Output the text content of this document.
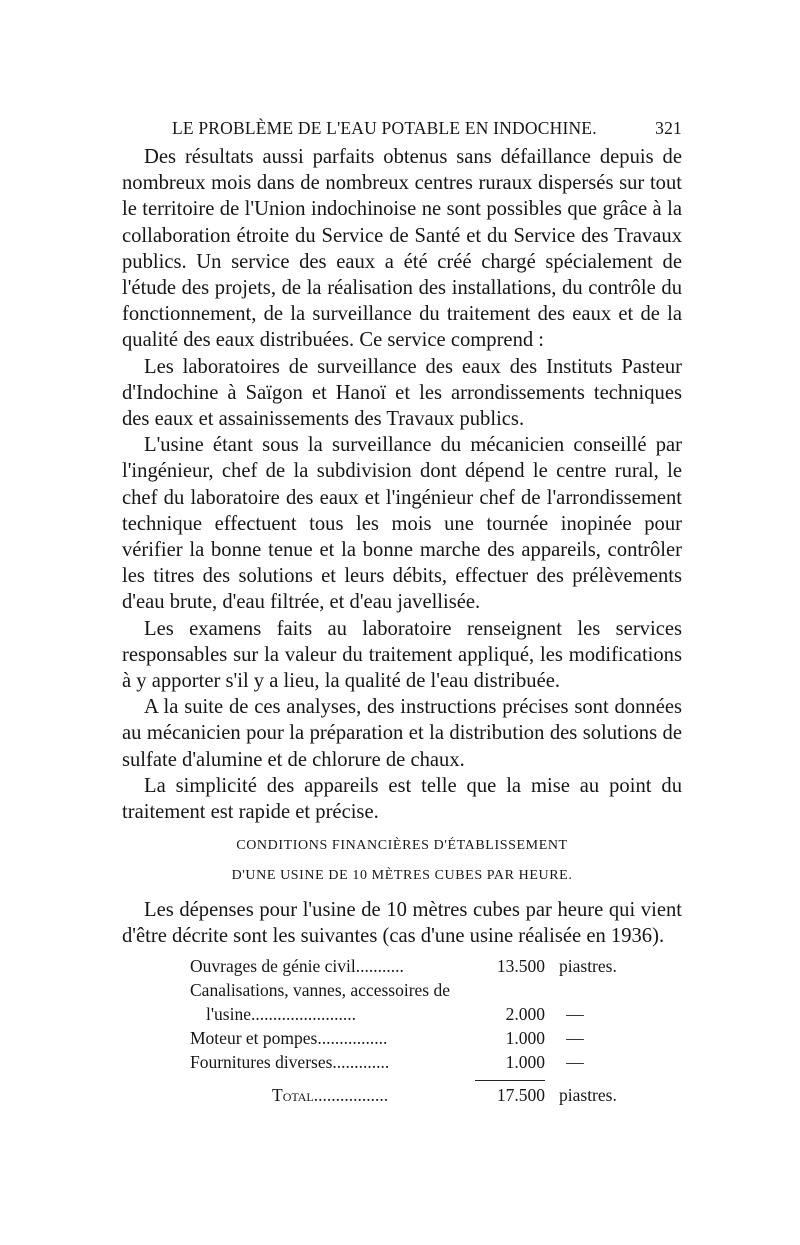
LE PROBLÈME DE L'EAU POTABLE EN INDOCHINE.	321

Des résultats aussi parfaits obtenus sans défaillance depuis de nombreux mois dans de nombreux centres ruraux dispersés sur tout le territoire de l'Union indochinoise ne sont possibles que grâce à la collaboration étroite du Service de Santé et du Service des Travaux publics. Un service des eaux a été créé chargé spécialement de l'étude des projets, de la réalisation des installations, du contrôle du fonctionnement, de la surveillance du traitement des eaux et de la qualité des eaux distribuées. Ce service comprend :

Les laboratoires de surveillance des eaux des Instituts Pasteur d'Indochine à Saïgon et Hanoï et les arrondissements techniques des eaux et assainissements des Travaux publics.

L'usine étant sous la surveillance du mécanicien conseillé par l'ingénieur, chef de la subdivision dont dépend le centre rural, le chef du laboratoire des eaux et l'ingénieur chef de l'arrondissement technique effectuent tous les mois une tournée inopinée pour vérifier la bonne tenue et la bonne marche des appareils, contrôler les titres des solutions et leurs débits, effectuer des prélèvements d'eau brute, d'eau filtrée, et d'eau javellisée.

Les examens faits au laboratoire renseignent les services responsables sur la valeur du traitement appliqué, les modifications à y apporter s'il y a lieu, la qualité de l'eau distribuée.

A la suite de ces analyses, des instructions précises sont données au mécanicien pour la préparation et la distribution des solutions de sulfate d'alumine et de chlorure de chaux.

La simplicité des appareils est telle que la mise au point du traitement est rapide et précise.

CONDITIONS FINANCIÈRES D'ÉTABLISSEMENT
D'UNE USINE DE 10 MÈTRES CUBES PAR HEURE.

Les dépenses pour l'usine de 10 mètres cubes par heure qui vient d'être décrite sont les suivantes (cas d'une usine réalisée en 1936).

Ouvrages de génie civil...........	13.500 piastres.
Canalisations, vannes, accessoires de
l'usine........................	2.000	—
Moteur et pompes................	1.000	—
Fournitures diverses.............	1.000	—
Total.................	17.500 piastres.
